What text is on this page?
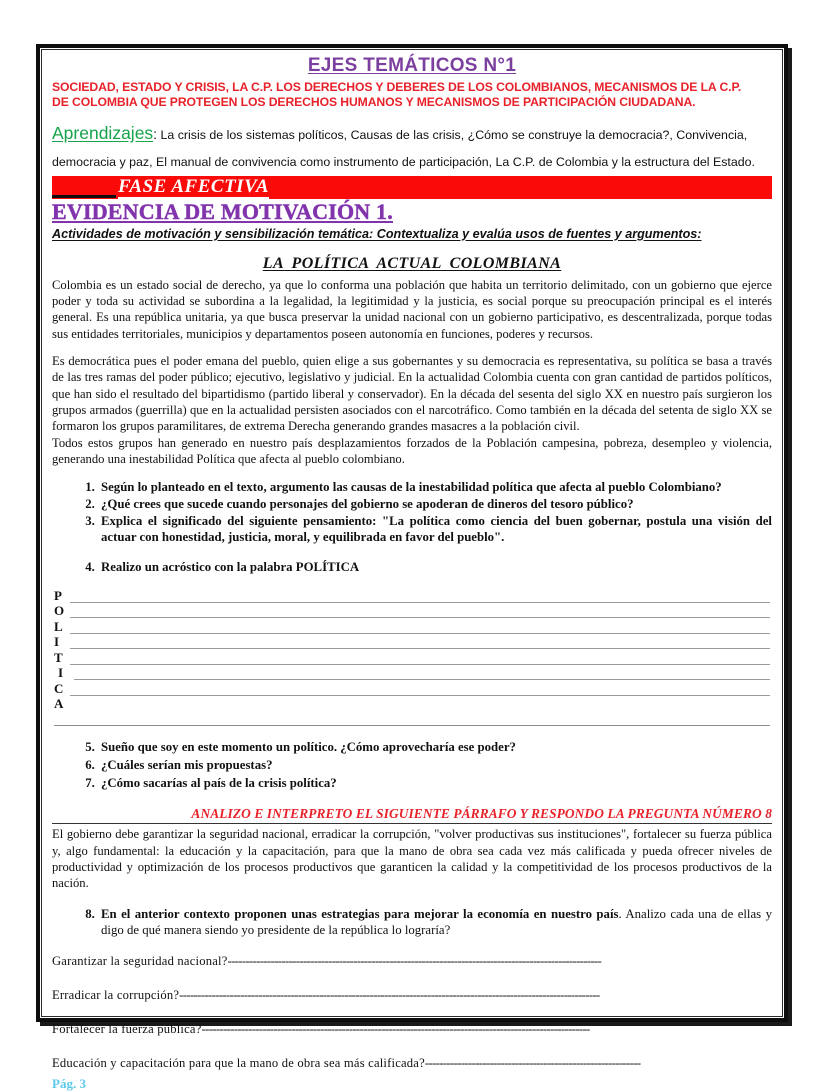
EJES TEMÁTICOS N°1
SOCIEDAD, ESTADO Y CRISIS, LA C.P. LOS DERECHOS Y DEBERES DE LOS COLOMBIANOS, MECANISMOS DE LA C.P.
DE COLOMBIA QUE PROTEGEN LOS DERECHOS HUMANOS Y MECANISMOS DE PARTICIPACIÓN CIUDADANA.
Aprendizajes: La crisis de los sistemas políticos, Causas de las crisis, ¿Cómo se construye la democracia?, Convivencia, democracia y paz, El manual de convivencia como instrumento de participación, La C.P. de Colombia y la estructura del Estado.
FASE AFECTIVA
EVIDENCIA DE MOTIVACIÓN 1.
Actividades de motivación y sensibilización temática: Contextualiza y evalúa usos de fuentes y argumentos:
LA POLÍTICA ACTUAL COLOMBIANA
Colombia es un estado social de derecho, ya que lo conforma una población que habita un territorio delimitado, con un gobierno que ejerce poder y toda su actividad se subordina a la legalidad, la legitimidad y la justicia, es social porque su preocupación principal es el interés general. Es una república unitaria, ya que busca preservar la unidad nacional con un gobierno participativo, es descentralizada, porque todas sus entidades territoriales, municipios y departamentos poseen autonomía en funciones, poderes y recursos.
Es democrática pues el poder emana del pueblo, quien elige a sus gobernantes y su democracia es representativa, su política se basa a través de las tres ramas del poder público; ejecutivo, legislativo y judicial. En la actualidad Colombia cuenta con gran cantidad de partidos políticos, que han sido el resultado del bipartidismo (partido liberal y conservador). En la década del sesenta del siglo XX en nuestro país surgieron los grupos armados (guerrilla) que en la actualidad persisten asociados con el narcotráfico. Como también en la década del setenta de siglo XX se formaron los grupos paramilitares, de extrema Derecha generando grandes masacres a la población civil.
Todos estos grupos han generado en nuestro país desplazamientos forzados de la Población campesina, pobreza, desempleo y violencia, generando una inestabilidad Política que afecta al pueblo colombiano.
1. Según lo planteado en el texto, argumento las causas de la inestabilidad política que afecta al pueblo Colombiano?
2. ¿Qué crees que sucede cuando personajes del gobierno se apoderan de dineros del tesoro público?
3. Explica el significado del siguiente pensamiento: "La política como ciencia del buen gobernar, postula una visión del actuar con honestidad, justicia, moral, y equilibrada en favor del pueblo".
4. Realizo un acróstico con la palabra POLÍTICA
P
O
L
I
T
I
C
A
5. Sueño que soy en este momento un político. ¿Cómo aprovecharía ese poder?
6. ¿Cuáles serían mis propuestas?
7. ¿Cómo sacarías al país de la crisis política?
ANALIZO E INTERPRETO EL SIGUIENTE PÁRRAFO Y RESPONDO LA PREGUNTA NÚMERO 8
El gobierno debe garantizar la seguridad nacional, erradicar la corrupción, "volver productivas sus instituciones", fortalecer su fuerza pública y, algo fundamental: la educación y la capacitación, para que la mano de obra sea cada vez más calificada y pueda ofrecer niveles de productividad y optimización de los procesos productivos que garanticen la calidad y la competitividad de los procesos productivos de la nación.
8. En el anterior contexto proponen unas estrategias para mejorar la economía en nuestro país. Analizo cada una de ellas y digo de qué manera siendo yo presidente de la república lo lograría?
Garantizar la seguridad nacional?--------------------------------------------------------------------------------------------------------
Erradicar la corrupción?---------------------------------------------------------------------------------------------------------------------
Fortalecer la fuerza pública?------------------------------------------------------------------------------------------------------------
Educación y capacitación para que la mano de obra sea más calificada?------------------------------------------------------------
Pág. 3
